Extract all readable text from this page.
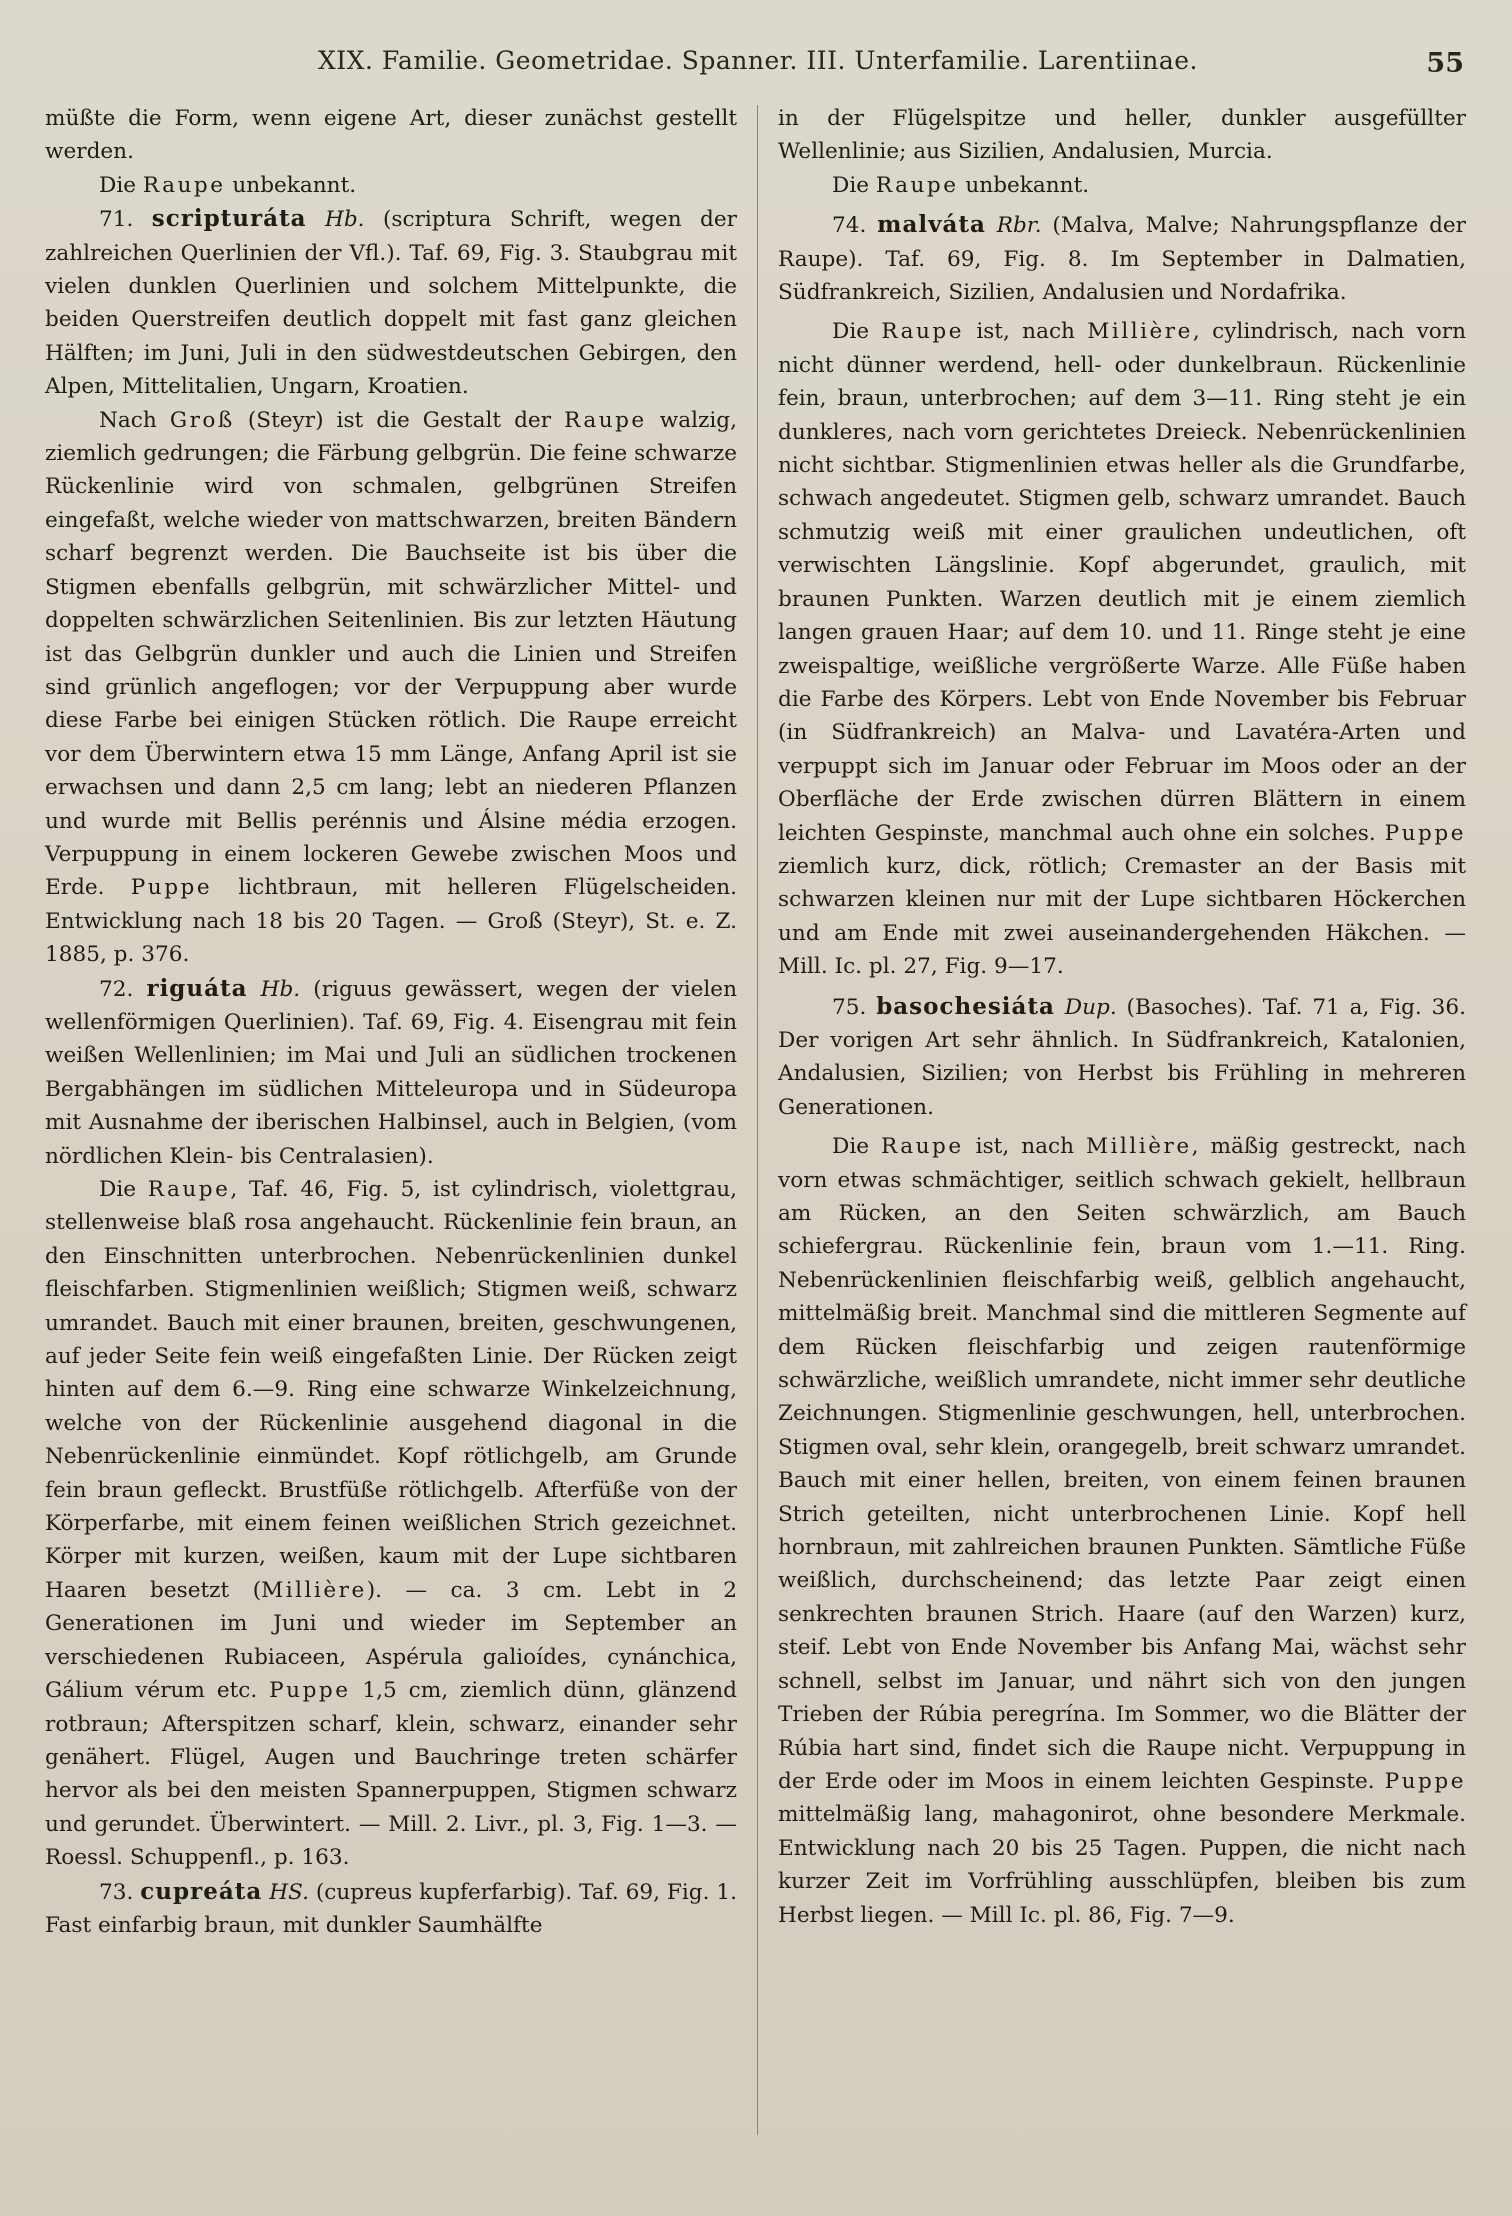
XIX. Familie. Geometridae. Spanner. III. Unterfamilie. Larentiinae.	55

müßte die Form, wenn eigene Art, dieser zunächst gestellt werden.

Die Raupe unbekannt.

71. scripturáta Hb. (scriptura Schrift, wegen der zahlreichen Querlinien der Vfl.). Taf. 69, Fig. 3. Staubgrau mit vielen dunklen Querlinien und solchem Mittelpunkte, die beiden Querstreifen deutlich doppelt mit fast ganz gleichen Hälften; im Juni, Juli in den südwestdeutschen Gebirgen, den Alpen, Mittelitalien, Ungarn, Kroatien.

Nach Groß (Steyr) ist die Gestalt der Raupe walzig, ziemlich gedrungen; die Färbung gelbgrün. Die feine schwarze Rückenlinie wird von schmalen, gelbgrünen Streifen eingefaßt, welche wieder von mattschwarzen, breiten Bändern scharf begrenzt werden. Die Bauchseite ist bis über die Stigmen ebenfalls gelbgrün, mit schwärzlicher Mittel- und doppelten schwärzlichen Seitenlinien. Bis zur letzten Häutung ist das Gelbgrün dunkler und auch die Linien und Streifen sind grünlich angeflogen; vor der Verpuppung aber wurde diese Farbe bei einigen Stücken rötlich. Die Raupe erreicht vor dem Überwintern etwa 15 mm Länge, Anfang April ist sie erwachsen und dann 2,5 cm lang; lebt an niederen Pflanzen und wurde mit Bellis perénnis und Álsine média erzogen. Verpuppung in einem lockeren Gewebe zwischen Moos und Erde. Puppe lichtbraun, mit helleren Flügelscheiden. Entwicklung nach 18 bis 20 Tagen. — Groß (Steyr), St. e. Z. 1885, p. 376.

72. riguáta Hb. (riguus gewässert, wegen der vielen wellenförmigen Querlinien). Taf. 69, Fig. 4. Eisengrau mit fein weißen Wellenlinien; im Mai und Juli an südlichen trockenen Bergabhängen im südlichen Mitteleuropa und in Südeuropa mit Ausnahme der iberischen Halbinsel, auch in Belgien, (vom nördlichen Klein- bis Centralasien).

Die Raupe, Taf. 46, Fig. 5, ist cylindrisch, violettgrau, stellenweise blaß rosa angehaucht. Rückenlinie fein braun, an den Einschnitten unterbrochen. Nebenrückenlinien dunkel fleischfarben. Stigmenlinien weißlich; Stigmen weiß, schwarz umrandet. Bauch mit einer braunen, breiten, geschwungenen, auf jeder Seite fein weiß eingefaßten Linie. Der Rücken zeigt hinten auf dem 6.—9. Ring eine schwarze Winkelzeichnung, welche von der Rückenlinie ausgehend diagonal in die Nebenrückenlinie einmündet. Kopf rötlichgelb, am Grunde fein braun gefleckt. Brustfüße rötlichgelb. Afterfüße von der Körperfarbe, mit einem feinen weißlichen Strich gezeichnet. Körper mit kurzen, weißen, kaum mit der Lupe sichtbaren Haaren besetzt (Millière). — ca. 3 cm. Lebt in 2 Generationen im Juni und wieder im September an verschiedenen Rubiaceen, Aspérula galioídes, cynánchica, Gálium vérum etc. Puppe 1,5 cm, ziemlich dünn, glänzend rotbraun; Afterspitzen scharf, klein, schwarz, einander sehr genähert. Flügel, Augen und Bauchringe treten schärfer hervor als bei den meisten Spannerpuppen, Stigmen schwarz und gerundet. Überwintert. — Mill. 2. Livr., pl. 3, Fig. 1—3. — Roessl. Schuppenfl., p. 163.

73. cupreáta HS. (cupreus kupferfarbig). Taf. 69, Fig. 1. Fast einfarbig braun, mit dunkler Saumhälfte

in der Flügelspitze und heller, dunkler ausgefüllter Wellenlinie; aus Sizilien, Andalusien, Murcia.

Die Raupe unbekannt.

74. malváta Rbr. (Malva, Malve; Nahrungspflanze der Raupe). Taf. 69, Fig. 8. Im September in Dalmatien, Südfrankreich, Sizilien, Andalusien und Nordafrika.

Die Raupe ist, nach Millière, cylindrisch, nach vorn nicht dünner werdend, hell- oder dunkelbraun. Rückenlinie fein, braun, unterbrochen; auf dem 3—11. Ring steht je ein dunkleres, nach vorn gerichtetes Dreieck. Nebenrückenlinien nicht sichtbar. Stigmenlinien etwas heller als die Grundfarbe, schwach angedeutet. Stigmen gelb, schwarz umrandet. Bauch schmutzig weiß mit einer graulichen undeutlichen, oft verwischten Längslinie. Kopf abgerundet, graulich, mit braunen Punkten. Warzen deutlich mit je einem ziemlich langen grauen Haar; auf dem 10. und 11. Ringe steht je eine zweispaltige, weißliche vergrößerte Warze. Alle Füße haben die Farbe des Körpers. Lebt von Ende November bis Februar (in Südfrankreich) an Malva- und Lavatéra-Arten und verpuppt sich im Januar oder Februar im Moos oder an der Oberfläche der Erde zwischen dürren Blättern in einem leichten Gespinste, manchmal auch ohne ein solches. Puppe ziemlich kurz, dick, rötlich; Cremaster an der Basis mit schwarzen kleinen nur mit der Lupe sichtbaren Höckerchen und am Ende mit zwei auseinandergehenden Häkchen. — Mill. Ic. pl. 27, Fig. 9—17.

75. basochesiáta Dup. (Basoches). Taf. 71 a, Fig. 36. Der vorigen Art sehr ähnlich. In Südfrankreich, Katalonien, Andalusien, Sizilien; von Herbst bis Frühling in mehreren Generationen.

Die Raupe ist, nach Millière, mäßig gestreckt, nach vorn etwas schmächtiger, seitlich schwach gekielt, hellbraun am Rücken, an den Seiten schwärzlich, am Bauch schiefergrau. Rückenlinie fein, braun vom 1.—11. Ring. Nebenrückenlinien fleischfarbig weiß, gelblich angehaucht, mittelmäßig breit. Manchmal sind die mittleren Segmente auf dem Rücken fleischfarbig und zeigen rautenförmige schwärzliche, weißlich umrandete, nicht immer sehr deutliche Zeichnungen. Stigmenlinie geschwungen, hell, unterbrochen. Stigmen oval, sehr klein, orangegelb, breit schwarz umrandet. Bauch mit einer hellen, breiten, von einem feinen braunen Strich geteilten, nicht unterbrochenen Linie. Kopf hell hornbraun, mit zahlreichen braunen Punkten. Sämtliche Füße weißlich, durchscheinend; das letzte Paar zeigt einen senkrechten braunen Strich. Haare (auf den Warzen) kurz, steif. Lebt von Ende November bis Anfang Mai, wächst sehr schnell, selbst im Januar, und nährt sich von den jungen Trieben der Rúbia peregrína. Im Sommer, wo die Blätter der Rúbia hart sind, findet sich die Raupe nicht. Verpuppung in der Erde oder im Moos in einem leichten Gespinste. Puppe mittelmäßig lang, mahagonirot, ohne besondere Merkmale. Entwicklung nach 20 bis 25 Tagen. Puppen, die nicht nach kurzer Zeit im Vorfrühling ausschlüpfen, bleiben bis zum Herbst liegen. — Mill Ic. pl. 86, Fig. 7—9.
